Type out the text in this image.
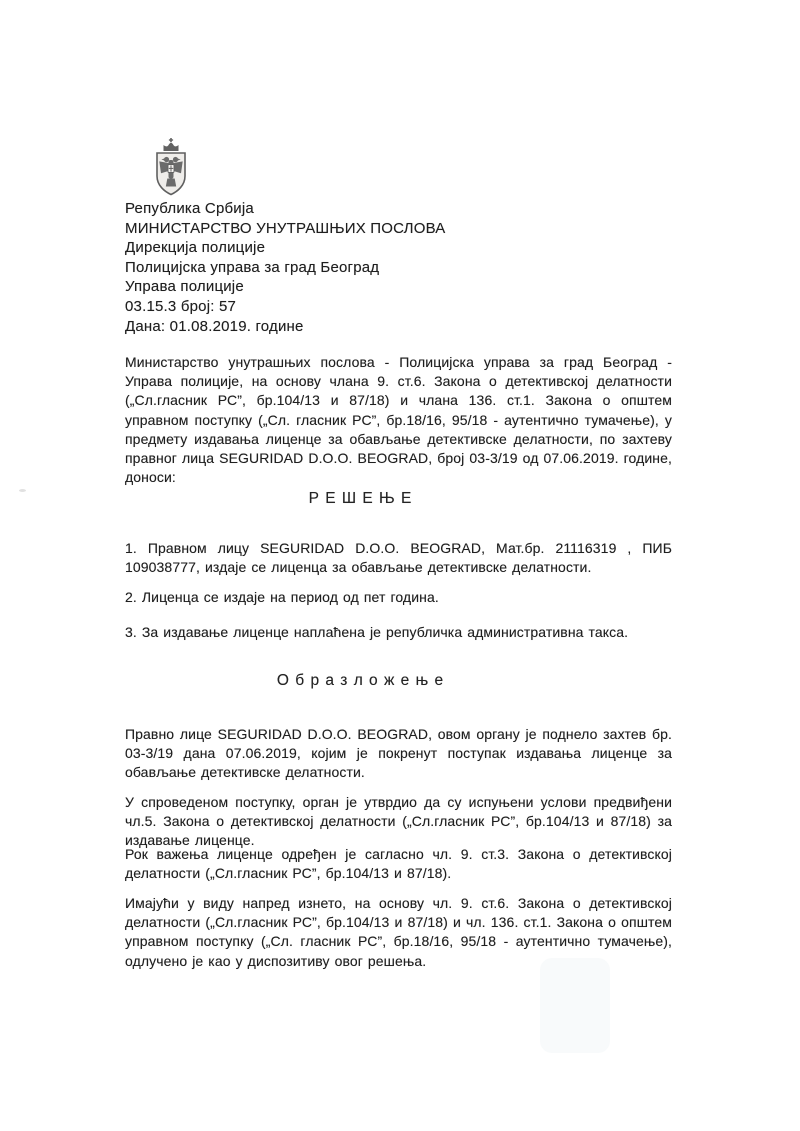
Република Србија
МИНИСТАРСТВО УНУТРАШЊИХ ПОСЛОВА
Дирекција полиције
Полицијска управа за град Београд
Управа полиције
03.15.3 број: 57
Дана: 01.08.2019. године

Министарство унутрашњих послова - Полицијска управа за град Београд - Управа полиције, на основу члана 9. ст.6. Закона о детективској делатности („Сл.гласник РС”, бр.104/13 и 87/18) и члана 136. ст.1. Закона о општем управном поступку („Сл. гласник РС”, бр.18/16, 95/18 - аутентично тумачење), у предмету издавања лиценце за обављање детективске делатности, по захтеву правног лица SEGURIDAD D.O.O. BEOGRAD, број 03-3/19 од 07.06.2019. године, доноси:

Р Е Ш Е Њ Е

1. Правном лицу SEGURIDAD D.O.O. BEOGRAD, Мат.бр. 21116319 , ПИБ 109038777, издаје се лиценца за обављање детективске делатности.

2. Лиценца се издаје на период од пет година.

3. За издавање лиценце наплаћена је републичка административна такса.

О б р а з л о ж е њ е

Правно лице SEGURIDAD D.O.O. BEOGRAD, овом органу је поднело захтев бр. 03-3/19 дана 07.06.2019, којим је покренут поступак издавања лиценце за обављање детективске делатности.

У спроведеном поступку, орган је утврдио да су испуњени услови предвиђени чл.5. Закона о детективској делатности („Сл.гласник РС”, бр.104/13 и 87/18) за издавање лиценце.

Рок важења лиценце одређен је сагласно чл. 9. ст.3. Закона о детективској делатности („Сл.гласник РС”, бр.104/13 и 87/18).

Имајући у виду напред изнето, на основу чл. 9. ст.6. Закона о детективској делатности („Сл.гласник РС”, бр.104/13 и 87/18) и чл. 136. ст.1. Закона о општем управном поступку („Сл. гласник РС”, бр.18/16, 95/18 - аутентично тумачење), одлучено је као у диспозитиву овог решења.
